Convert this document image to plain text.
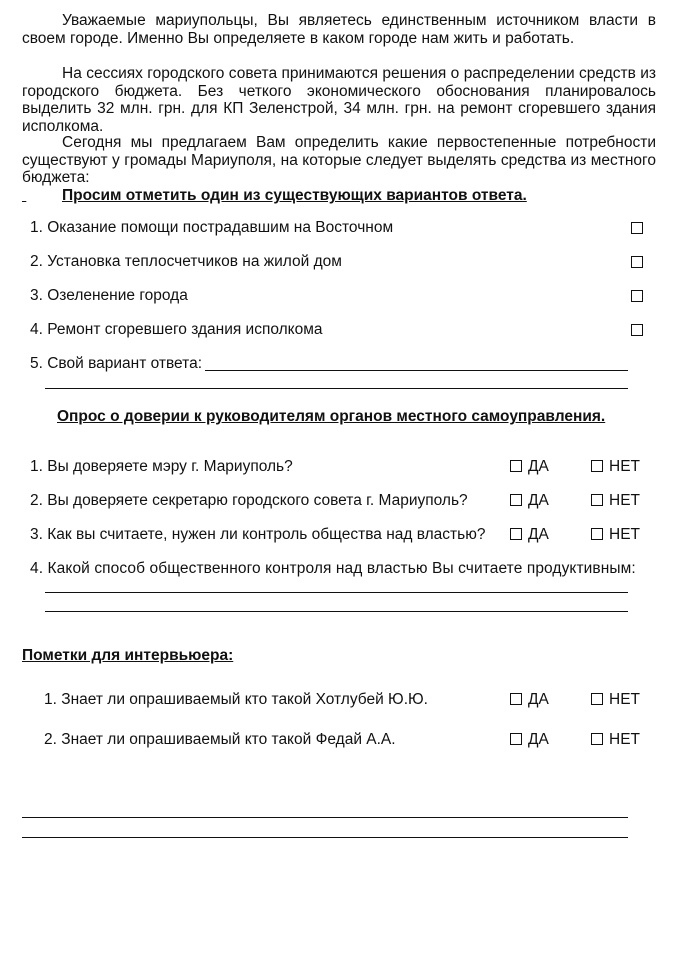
Уважаемые мариупольцы, Вы являетесь единственным источником власти в своем городе. Именно Вы определяете в каком городе нам жить и работать.

На сессиях городского совета принимаются решения о распределении средств из городского бюджета. Без четкого экономического обоснования планировалось выделить 32 млн. грн. для КП Зеленстрой, 34 млн. грн. на ремонт сгоревшего здания исполкома.

Сегодня мы предлагаем Вам определить какие первостепенные потребности существуют у громады Мариуполя, на которые следует выделять средства из местного бюджета:

Просим отметить один из существующих вариантов ответа.
1. Оказание помощи пострадавшим на Восточном
2. Установка теплосчетчиков на жилой дом
3. Озеленение города
4. Ремонт сгоревшего здания исполкома
5. Свой вариант ответа:
Опрос о доверии к руководителям органов местного самоуправления.
1. Вы доверяете мэру г. Мариуполь?	ДА	НЕТ
2. Вы доверяете секретарю городского совета г. Мариуполь?	ДА	НЕТ
3. Как вы считаете, нужен ли контроль общества над властью?	ДА	НЕТ
4. Какой способ общественного контроля над властью Вы считаете продуктивным:
Пометки для интервьюера:
1. Знает ли опрашиваемый кто такой Хотлубей Ю.Ю.	ДА	НЕТ
2. Знает ли опрашиваемый кто такой Федай А.А.	ДА	НЕТ
